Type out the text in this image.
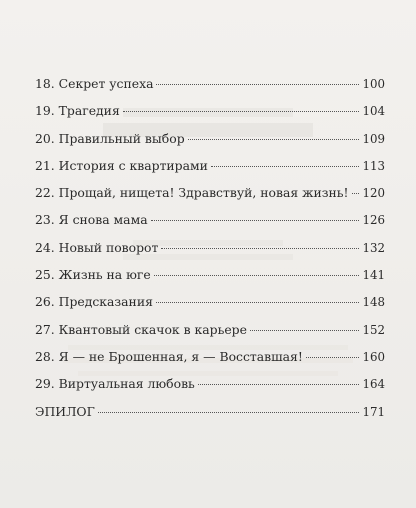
18. Секрет успеха	100
19. Трагедия	104
20. Правильный выбор	109
21. История с квартирами	113
22. Прощай, нищета! Здравствуй, новая жизнь! 120
23. Я снова мама	126
24. Новый поворот	132
25. Жизнь на юге	141
26. Предсказания	148
27. Квантовый скачок в карьере	152
28. Я — не Брошенная, я — Восставшая!	160
29. Виртуальная любовь	164
ЭПИЛОГ	171
